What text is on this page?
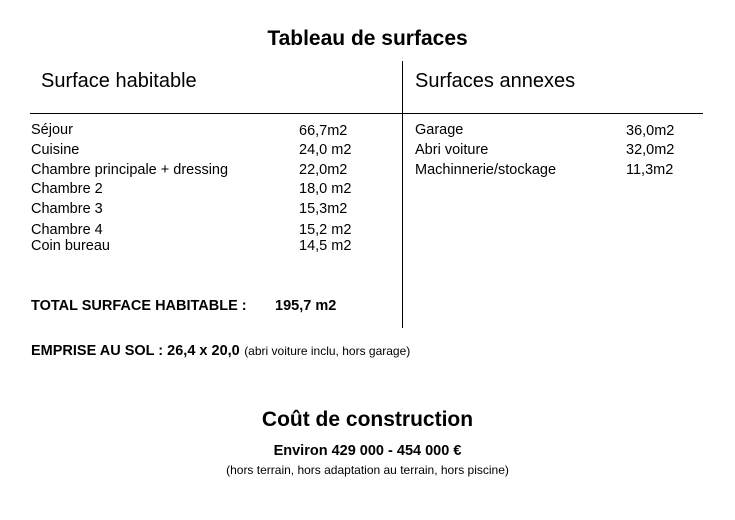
Tableau de surfaces
Surface habitable	Surfaces annexes
Séjour	66,7m2
Cuisine	24,0 m2
Chambre principale + dressing	22,0m2
Chambre 2	18,0 m2
Chambre 3	15,3m2
Chambre 4	15,2 m2
Coin bureau	14,5 m2
TOTAL SURFACE HABITABLE : 195,7 m2
Garage	36,0m2
Abri voiture	32,0m2
Machinnerie/stockage	11,3m2
EMPRISE AU SOL : 26,4 x 20,0 (abri voiture inclu, hors garage)
Coût de construction
Environ 429 000 - 454 000 €
(hors terrain, hors adaptation au terrain, hors piscine)
